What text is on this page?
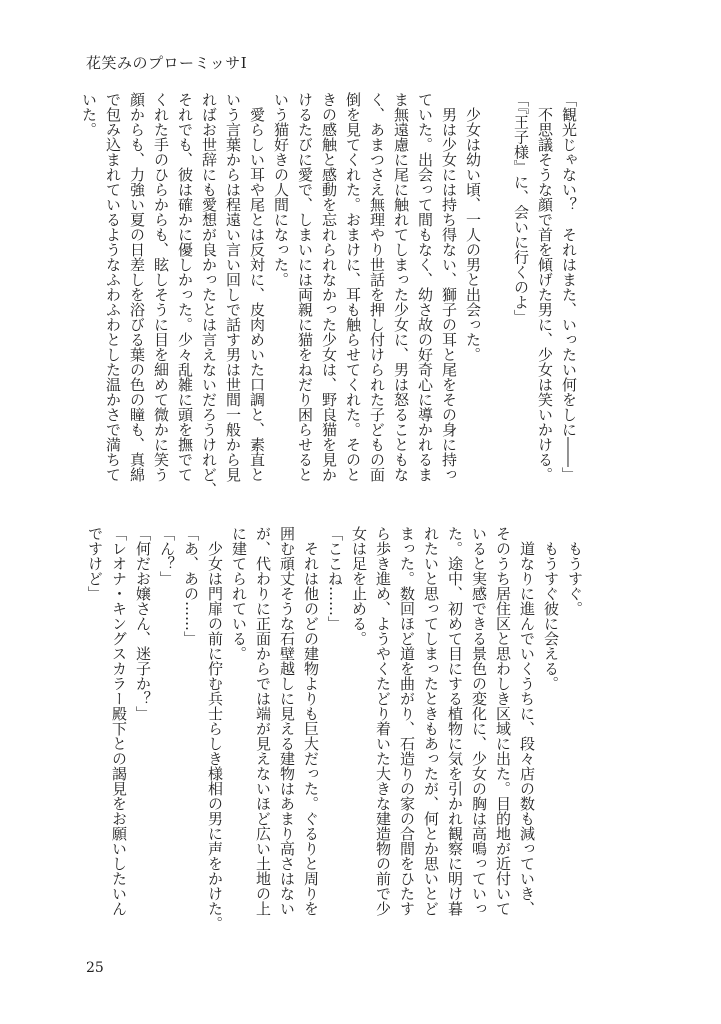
花笑みのプローミッサⅠ
「観光じゃない？　それはまた、いったい何をしに――」
　不思議そうな顔で首を傾げた男に、少女は笑いかける。
「『王子様』に、会いに行くのよ」
　少女は幼い頃、一人の男と出会った。
　男は少女には持ち得ない、獅子の耳と尾をその身に持っ
ていた。出会って間もなく、幼さ故の好奇心に導かれるま
ま無遠慮に尾に触れてしまった少女に、男は怒ることもな
く、あまつさえ無理やり世話を押し付けられた子どもの面
倒を見てくれた。おまけに、耳も触らせてくれた。そのと
きの感触と感動を忘れられなかった少女は、野良猫を見か
けるたびに愛で、しまいには両親に猫をねだり困らせると
いう猫好きの人間になった。
　愛らしい耳や尾とは反対に、皮肉めいた口調と、素直と
いう言葉からは程遠い言い回しで話す男は世間一般から見
ればお世辞にも愛想が良かったとは言えないだろうけれど、
それでも、彼は確かに優しかった。少々乱雑に頭を撫でて
くれた手のひらからも、眩しそうに目を細めて微かに笑う
顔からも、力強い夏の日差しを浴びる葉の色の瞳も、真綿
で包み込まれているようなふわふわとした温かさで満ちて
いた。
　もうすぐ。
　もうすぐ彼に会える。
　道なりに進んでいくうちに、段々店の数も減っていき、
そのうち居住区と思わしき区域に出た。目的地が近付いて
いると実感できる景色の変化に、少女の胸は高鳴っていっ
た。途中、初めて目にする植物に気を引かれ観察に明け暮
れたいと思ってしまったときもあったが、何とか思いとど
まった。数回ほど道を曲がり、石造りの家の合間をひたす
ら歩き進め、ようやくたどり着いた大きな建造物の前で少
女は足を止める。
「ここね……」
　それは他のどの建物よりも巨大だった。ぐるりと周りを
囲む頑丈そうな石壁越しに見える建物はあまり高さはない
が、代わりに正面からでは端が見えないほど広い土地の上
に建てられている。
　少女は門扉の前に佇む兵士らしき様相の男に声をかけた。
「あ、あの……」
「ん？」
「何だお嬢さん、迷子か？」
「レオナ・キングスカラー殿下との謁見をお願いしたいん
ですけど」
25
